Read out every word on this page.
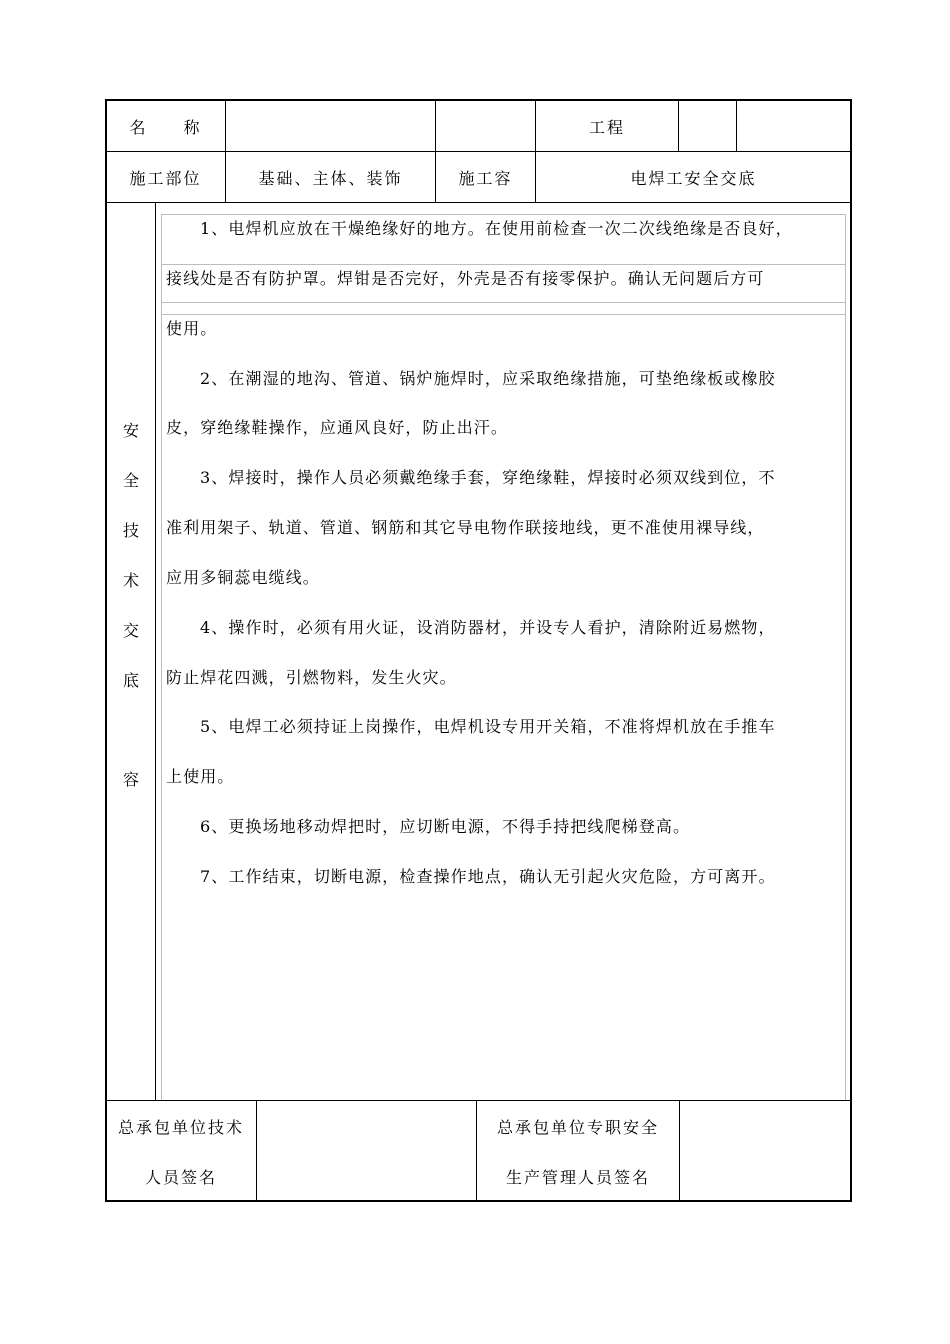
名　　称	工程
施工部位	基础、主体、装饰	施工容	电焊工安全交底
安
全
技
术
交
底
容
1、电焊机应放在干燥绝缘好的地方。在使用前检查一次二次线绝缘是否良好，
接线处是否有防护罩。焊钳是否完好，外壳是否有接零保护。确认无问题后方可
使用。
2、在潮湿的地沟、管道、锅炉施焊时，应采取绝缘措施，可垫绝缘板或橡胶
皮，穿绝缘鞋操作，应通风良好，防止出汗。
3、焊接时，操作人员必须戴绝缘手套，穿绝缘鞋，焊接时必须双线到位，不
准利用架子、轨道、管道、钢筋和其它导电物作联接地线，更不准使用裸导线，
应用多铜蕊电缆线。
4、操作时，必须有用火证，设消防器材，并设专人看护，清除附近易燃物，
防止焊花四溅，引燃物料，发生火灾。
5、电焊工必须持证上岗操作，电焊机设专用开关箱，不准将焊机放在手推车
上使用。
6、更换场地移动焊把时，应切断电源，不得手持把线爬梯登高。
7、工作结束，切断电源，检查操作地点，确认无引起火灾危险，方可离开。
总承包单位技术
人员签名
总承包单位专职安全
生产管理人员签名
